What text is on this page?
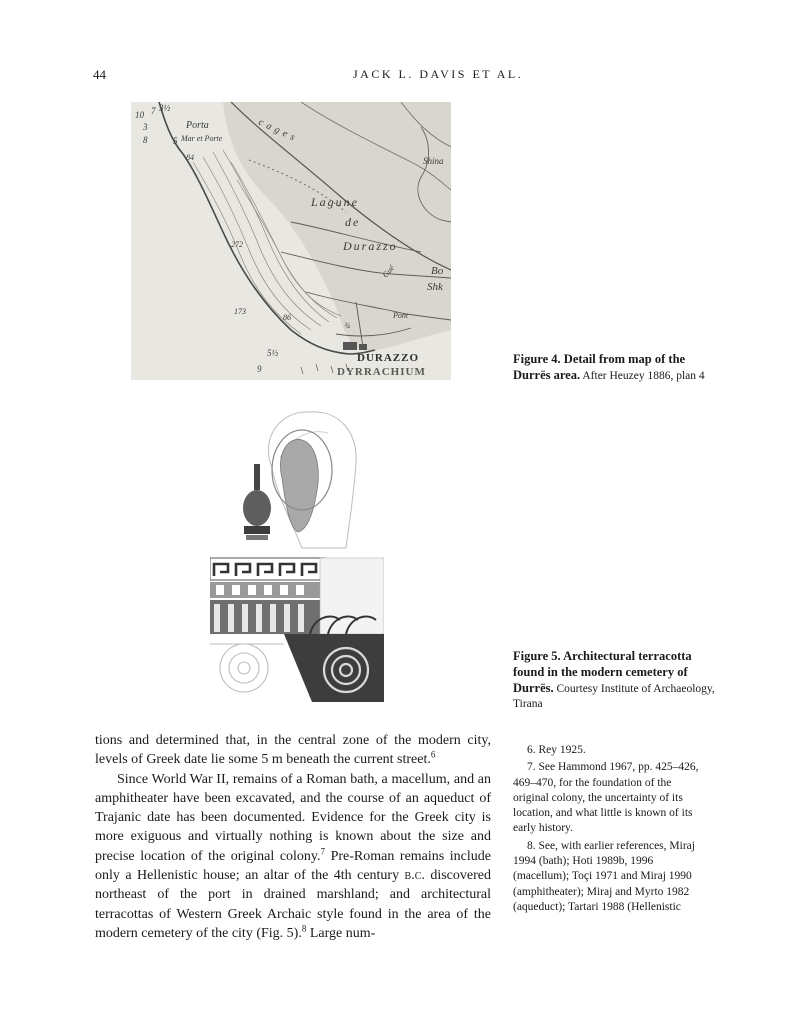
44	JACK L. DAVIS ET AL.
10 7 3½
3
8	5
Porta
Mar et Porte
84
cages
Lagune
de
Durazzo
Shina
Bo
Shk
Gué
Pont
272
173
86
¾
5½
9
DURAZZO
DYRRACHIUM
Figure 4. Detail from map of the Durrës area. After Heuzey 1886, plan 4
Figure 5. Architectural terracotta found in the modern cemetery of Durrës. Courtesy Institute of Archaeology, Tirana

tions and determined that, in the central zone of the modern city, levels of Greek date lie some 5 m beneath the current street.$^6$

Since World War II, remains of a Roman bath, a macellum, and an amphitheater have been excavated, and the course of an aqueduct of Trajanic date has been documented. Evidence for the Greek city is more exiguous and virtually nothing is known about the size and precise location of the original colony.$^7$ Pre-Roman remains include only a Hellenistic house; an altar of the 4th century b.c. discovered northeast of the port in drained marshland; and architectural terracottas of Western Greek Archaic style found in the area of the modern cemetery of the city (Fig. 5).$^8$ Large num-

6. Rey 1925.

7. See Hammond 1967, pp. 425–426, 469–470, for the foundation of the original colony, the uncertainty of its location, and what little is known of its early history.

8. See, with earlier references, Miraj 1994 (bath); Hoti 1989b, 1996 (macellum); Toçi 1971 and Miraj 1990 (amphitheater); Miraj and Myrto 1982 (aqueduct); Tartari 1988 (Hellenistic
